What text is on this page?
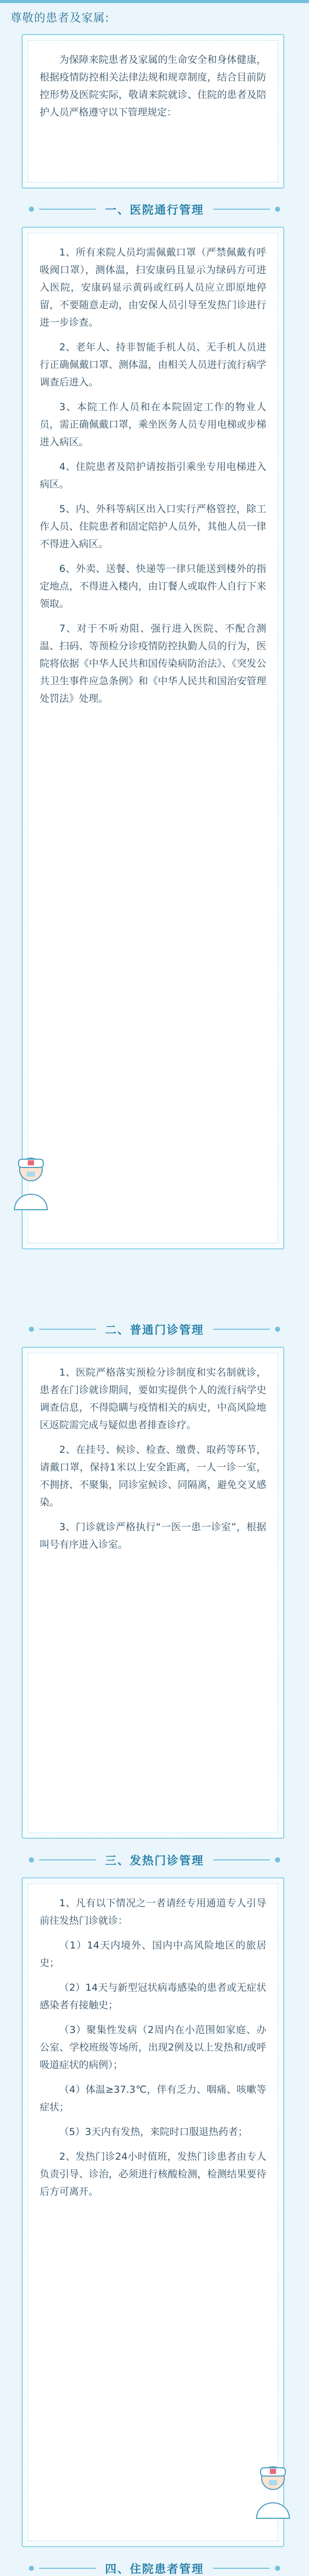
尊敬的患者及家属:

为保障来院患者及家属的生命安全和身体健康，根据疫情防控相关法律法规和规章制度，结合目前防控形势及医院实际，敬请来院就诊、住院的患者及陪护人员严格遵守以下管理规定：

一、医院通行管理

1、所有来院人员均需佩戴口罩（严禁佩戴有呼吸阀口罩），测体温，扫安康码且显示为绿码方可进入医院，安康码显示黄码或红码人员应立即原地停留，不要随意走动，由安保人员引导至发热门诊进行进一步诊查。

2、老年人、持非智能手机人员、无手机人员进行正确佩戴口罩、测体温，由相关人员进行流行病学调查后进入。

3、本院工作人员和在本院固定工作的物业人员，需正确佩戴口罩，乘坐医务人员专用电梯或步梯进入病区。

4、住院患者及陪护请按指引乘坐专用电梯进入病区。

5、内、外科等病区出入口实行严格管控，除工作人员、住院患者和固定陪护人员外，其他人员一律不得进入病区。

6、外卖、送餐、快递等一律只能送到楼外的指定地点，不得进入楼内，由订餐人或取件人自行下来领取。

7、对于不听劝阻、强行进入医院、不配合测温、扫码、等预检分诊疫情防控执勤人员的行为，医院将依据《中华人民共和国传染病防治法》、《突发公共卫生事件应急条例》和《中华人民共和国治安管理处罚法》处理。

二、普通门诊管理

1、医院严格落实预检分诊制度和实名制就诊，患者在门诊就诊期间，要如实提供个人的流行病学史调查信息，不得隐瞒与疫情相关的病史，中高风险地区返院需完成与疑似患者排查诊疗。

2、在挂号、候诊、检查、缴费、取药等环节，请戴口罩，保持1米以上安全距离，一人一诊一室，不拥挤、不聚集，同诊室候诊、同隔离，避免交叉感染。

3、门诊就诊严格执行“一医一患一诊室”，根据叫号有序进入诊室。

三、发热门诊管理

1、凡有以下情况之一者请经专用通道专人引导前往发热门诊就诊：

（1）14天内境外、国内中高风险地区的旅居史；

（2）14天与新型冠状病毒感染的患者或无症状感染者有接触史；

（3）聚集性发病（2周内在小范围如家庭、办公室、学校班级等场所，出现2例及以上发热和/或呼吸道症状的病例）；

（4）体温≥37.3℃，伴有乏力、咽痛、咳嗽等症状；

（5）3天内有发热，来院时口服退热药者；

2、发热门诊24小时值班，发热门诊患者由专人负责引导、诊治，必须进行核酸检测，检测结果要待后方可离开。

四、住院患者管理
